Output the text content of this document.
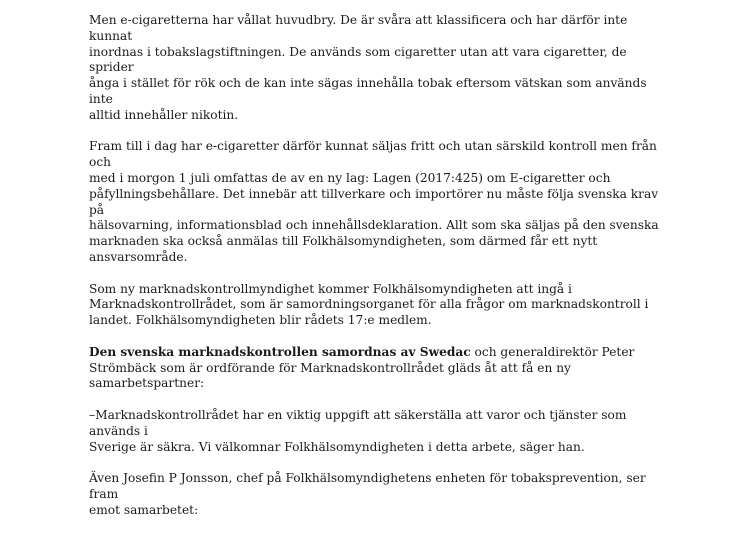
Men e-cigaretterna har vållat huvudbry. De är svåra att klassificera och har därför inte kunnat
inordnas i tobakslagstiftningen. De används som cigaretter utan att vara cigaretter, de sprider
ånga i stället för rök och de kan inte sägas innehålla tobak eftersom vätskan som används inte
alltid innehåller nikotin.

Fram till i dag har e-cigaretter därför kunnat säljas fritt och utan särskild kontroll men från och
med i morgon 1 juli omfattas de av en ny lag: Lagen (2017:425) om E-cigaretter och
påfyllningsbehållare. Det innebär att tillverkare och importörer nu måste följa svenska krav på
hälsovarning, informationsblad och innehållsdeklaration. Allt som ska säljas på den svenska
marknaden ska också anmälas till Folkhälsomyndigheten, som därmed får ett nytt
ansvarsområde.

Som ny marknadskontrollmyndighet kommer Folkhälsomyndigheten att ingå i
Marknadskontrollrådet, som är samordningsorganet för alla frågor om marknadskontroll i
landet. Folkhälsomyndigheten blir rådets 17:e medlem.

Den svenska marknadskontrollen samordnas av Swedac och generaldirektör Peter
Strömbäck som är ordförande för Marknadskontrollrådet gläds åt att få en ny samarbetspartner:

–Marknadskontrollrådet har en viktig uppgift att säkerställa att varor och tjänster som används i
Sverige är säkra. Vi välkomnar Folkhälsomyndigheten i detta arbete, säger han.

Även Josefin P Jonsson, chef på Folkhälsomyndighetens enheten för tobaksprevention, ser fram
emot samarbetet:
